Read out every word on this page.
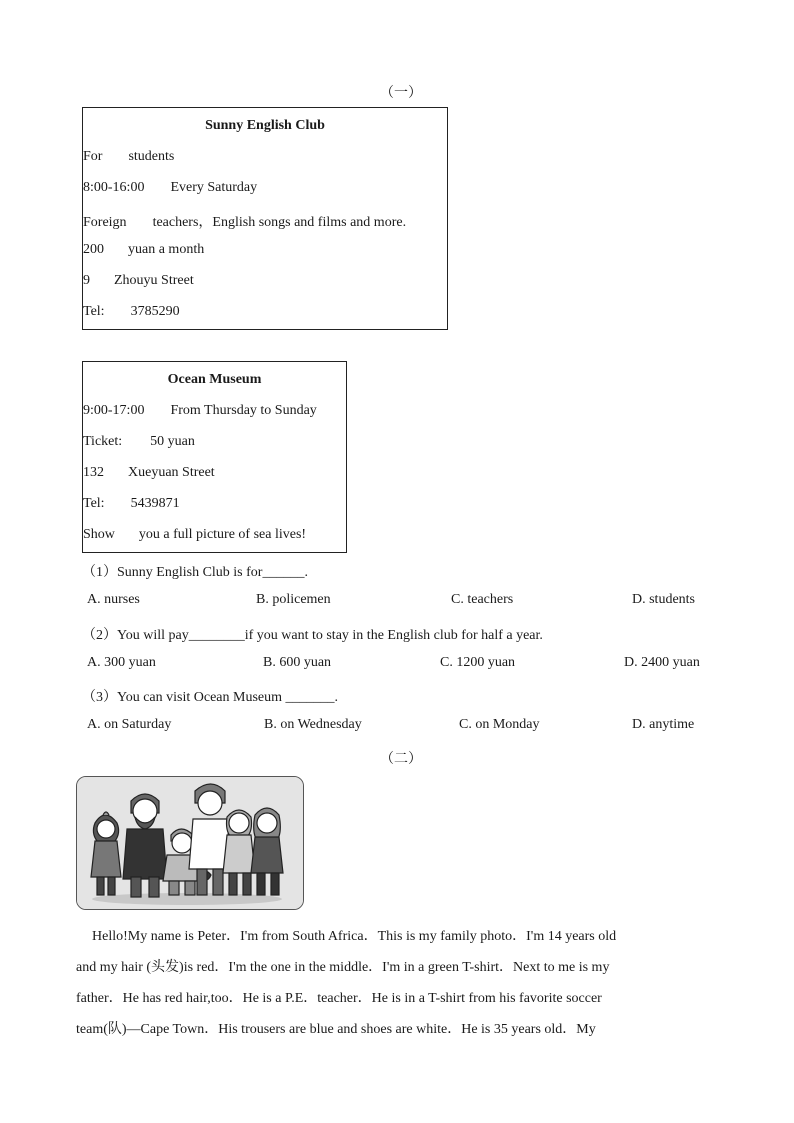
（一）
Sunny English Club
For students
8:00-16:00 Every Saturday
Foreign teachers，English songs and films and more.
200 yuan a month
9 Zhouyu Street
Tel: 3785290
Ocean Museum
9:00-17:00 From Thursday to Sunday
Ticket: 50 yuan
132 Xueyuan Street
Tel: 5439871
Show you a full picture of sea lives!
（1）Sunny English Club is for______.
A. nurses	B. policemen	C. teachers	D. students
（2）You will pay________if you want to stay in the English club for half a year.
A. 300 yuan	B. 600 yuan	C. 1200 yuan	D. 2400 yuan
（3）You can visit Ocean Museum _______.
A. on Saturday	B. on Wednesday	C. on Monday	D. anytime
（二）
Hello!My name is Peter．I'm from South Africa．This is my family photo．I'm 14 years old
and my hair (头发)is red．I'm the one in the middle．I'm in a green T-shirt．Next to me is my
father．He has red hair,too．He is a P.E．teacher．He is in a T-shirt from his favorite soccer
team(队)—Cape Town．His trousers are blue and shoes are white．He is 35 years old．My
